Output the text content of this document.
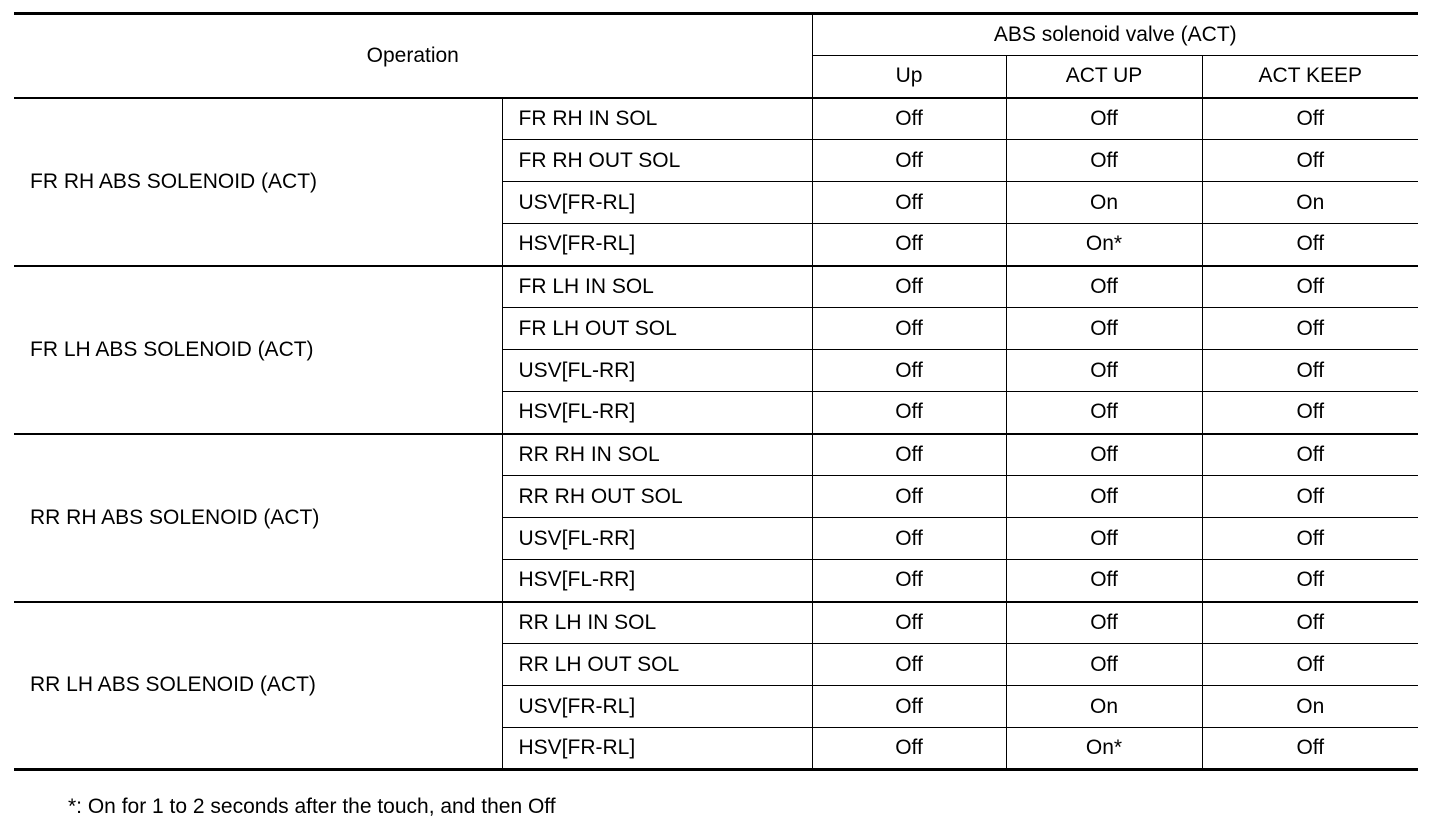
Operation		ABS solenoid valve (ACT)		
		Up	ACT UP	ACT KEEP
FR RH ABS SOLENOID (ACT)	FR RH IN SOL	Off	Off	Off
	FR RH OUT SOL	Off	Off	Off
	USV[FR-RL]	Off	On	On
	HSV[FR-RL]	Off	On*	Off
FR LH ABS SOLENOID (ACT)	FR LH IN SOL	Off	Off	Off
	FR LH OUT SOL	Off	Off	Off
	USV[FL-RR]	Off	Off	Off
	HSV[FL-RR]	Off	Off	Off
RR RH ABS SOLENOID (ACT)	RR RH IN SOL	Off	Off	Off
	RR RH OUT SOL	Off	Off	Off
	USV[FL-RR]	Off	Off	Off
	HSV[FL-RR]	Off	Off	Off
RR LH ABS SOLENOID (ACT)	RR LH IN SOL	Off	Off	Off
	RR LH OUT SOL	Off	Off	Off
	USV[FR-RL]	Off	On	On
	HSV[FR-RL]	Off	On*	Off
*: On for 1 to 2 seconds after the touch, and then Off
